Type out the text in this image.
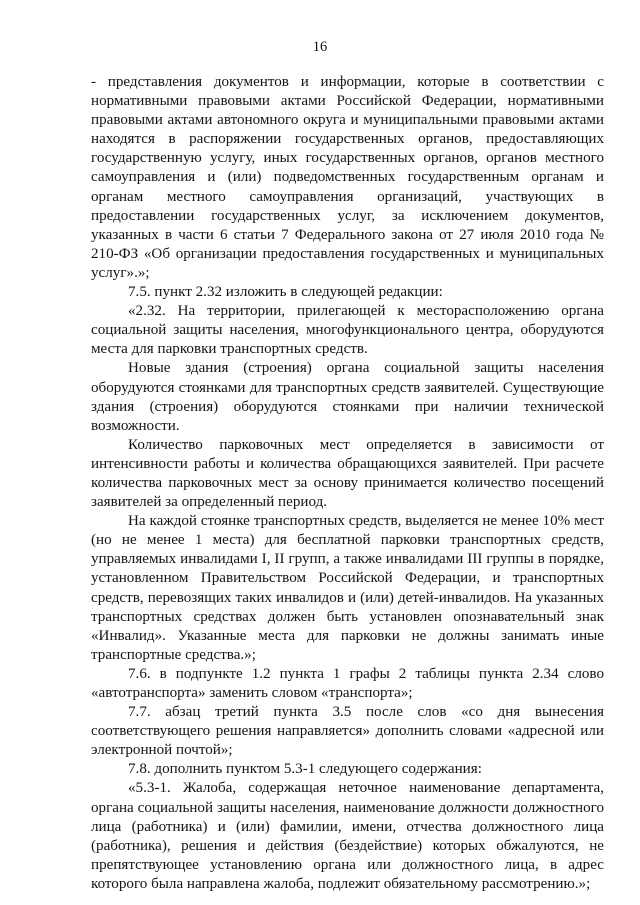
16

- представления документов и информации, которые в соответствии с нормативными правовыми актами Российской Федерации, нормативными правовыми актами автономного округа и муниципальными правовыми актами находятся в распоряжении государственных органов, предоставляющих государственную услугу, иных государственных органов, органов местного самоуправления и (или) подведомственных государственным органам и органам местного самоуправления организаций, участвующих в предоставлении государственных услуг, за исключением документов, указанных в части 6 статьи 7 Федерального закона от 27 июля 2010 года № 210-ФЗ «Об организации предоставления государственных и муниципальных услуг».»;

7.5. пункт 2.32 изложить в следующей редакции:

«2.32. На территории, прилегающей к месторасположению органа социальной защиты населения, многофункционального центра, оборудуются места для парковки транспортных средств.

Новые здания (строения) органа социальной защиты населения оборудуются стоянками для транспортных средств заявителей. Существующие здания (строения) оборудуются стоянками при наличии технической возможности.

Количество парковочных мест определяется в зависимости от интенсивности работы и количества обращающихся заявителей. При расчете количества парковочных мест за основу принимается количество посещений заявителей за определенный период.

На каждой стоянке транспортных средств, выделяется не менее 10% мест (но не менее 1 места) для бесплатной парковки транспортных средств, управляемых инвалидами I, II групп, а также инвалидами III группы в порядке, установленном Правительством Российской Федерации, и транспортных средств, перевозящих таких инвалидов и (или) детей-инвалидов. На указанных транспортных средствах должен быть установлен опознавательный знак «Инвалид». Указанные места для парковки не должны занимать иные транспортные средства.»;

7.6. в подпункте 1.2 пункта 1 графы 2 таблицы пункта 2.34 слово «автотранспорта» заменить словом «транспорта»;

7.7. абзац третий пункта 3.5 после слов «со дня вынесения соответствующего решения направляется» дополнить словами «адресной или электронной почтой»;

7.8. дополнить пунктом 5.3-1 следующего содержания:

«5.3-1. Жалоба, содержащая неточное наименование департамента, органа социальной защиты населения, наименование должности должностного лица (работника) и (или) фамилии, имени, отчества должностного лица (работника), решения и действия (бездействие) которых обжалуются, не препятствующее установлению органа или должностного лица, в адрес которого была направлена жалоба, подлежит обязательному рассмотрению.»;
